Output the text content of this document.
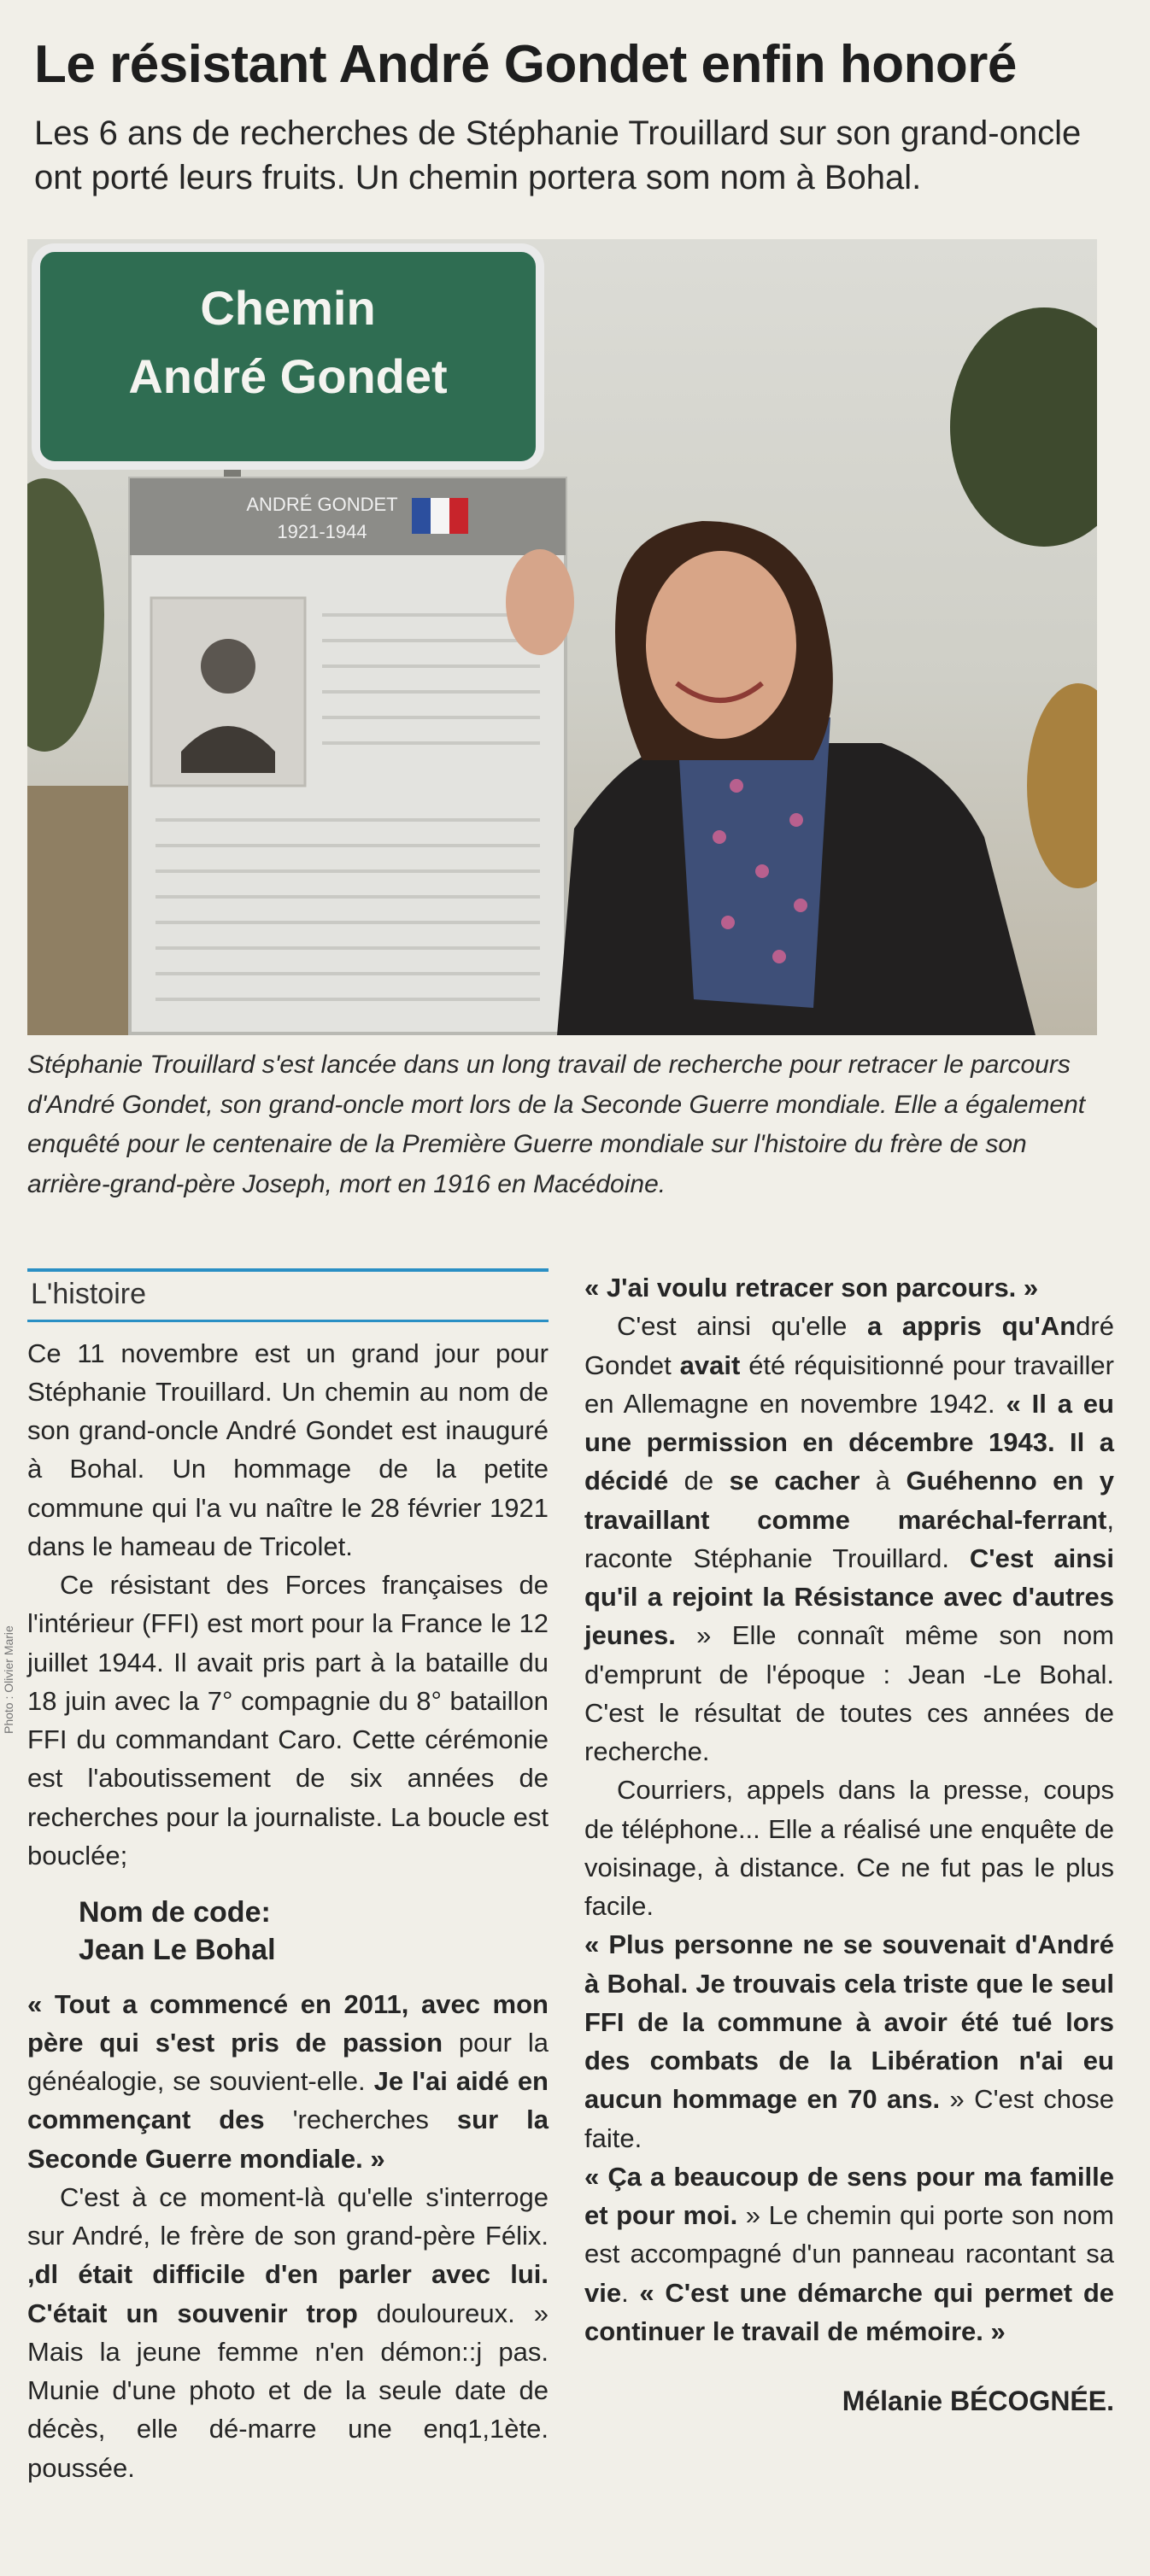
Le résistant André Gondet enfin honoré
Les 6 ans de recherches de Stéphanie Trouillard sur son grand-oncle ont porté leurs fruits. Un chemin portera som nom à Bohal.
Chemin
André Gondet
ANDRÉ GONDET
1921-1944
Photo : Olivier Marie
Stéphanie Trouillard s'est lancée dans un long travail de recherche pour retracer le parcours d'André Gondet, son grand-oncle mort lors de la Seconde Guerre mondiale. Elle a également enquêté pour le centenaire de la Première Guerre mondiale sur l'histoire du frère de son arrière-grand-père Joseph, mort en 1916 en Macédoine.
L'histoire

Ce 11 novembre est un grand jour pour Stéphanie Trouillard. Un chemin au nom de son grand-oncle André Gondet est inauguré à Bohal. Un hommage de la petite commune qui l'a vu naître le 28 février 1921 dans le hameau de Tricolet.

Ce résistant des Forces françaises de l'intérieur (FFI) est mort pour la France le 12 juillet 1944. Il avait pris part à la bataille du 18 juin avec la 7° compagnie du 8° bataillon FFI du commandant Caro. Cette cérémonie est l'aboutissement de six années de recherches pour la journaliste. La boucle est bouclée;

Nom de code:
Jean Le Bohal

« Tout a commencé en 2011, avec mon père qui s'est pris de passion pour la généalogie, se souvient-elle. Je l'ai aidé en commençant des 'recherches sur la Seconde Guerre mondiale. »

C'est à ce moment-là qu'elle s'interroge sur André, le frère de son grand-père Félix. ,dl était difficile d'en parler avec lui. C'était un souvenir trop douloureux. » Mais la jeune femme n'en démon::j pas. Munie d'une photo et de la seule date de décès, elle dé-marre une enq1,1ète. poussée.

« J'ai voulu retracer son parcours. »

C'est ainsi qu'elle a appris qu'André Gondet avait été réquisitionné pour travailler en Allemagne en novembre 1942. « Il a eu une permission en décembre 1943. Il a décidé de se cacher à Guéhenno en y travaillant comme maréchal-ferrant, raconte Stéphanie Trouillard. C'est ainsi qu'il a rejoint la Résistance avec d'autres jeunes. » Elle connaît même son nom d'emprunt de l'époque : Jean -Le Bohal. C'est le résultat de toutes ces années de recherche.

Courriers, appels dans la presse, coups de téléphone... Elle a réalisé une enquête de voisinage, à distance. Ce ne fut pas le plus facile.

« Plus personne ne se souvenait d'André à Bohal. Je trouvais cela triste que le seul FFI de la commune à avoir été tué lors des combats de la Libération n'ai eu aucun hommage en 70 ans. » C'est chose faite.

« Ça a beaucoup de sens pour ma famille et pour moi. » Le chemin qui porte son nom est accompagné d'un panneau racontant sa vie. « C'est une démarche qui permet de continuer le travail de mémoire. »

Mélanie BÉCOGNÉE.
